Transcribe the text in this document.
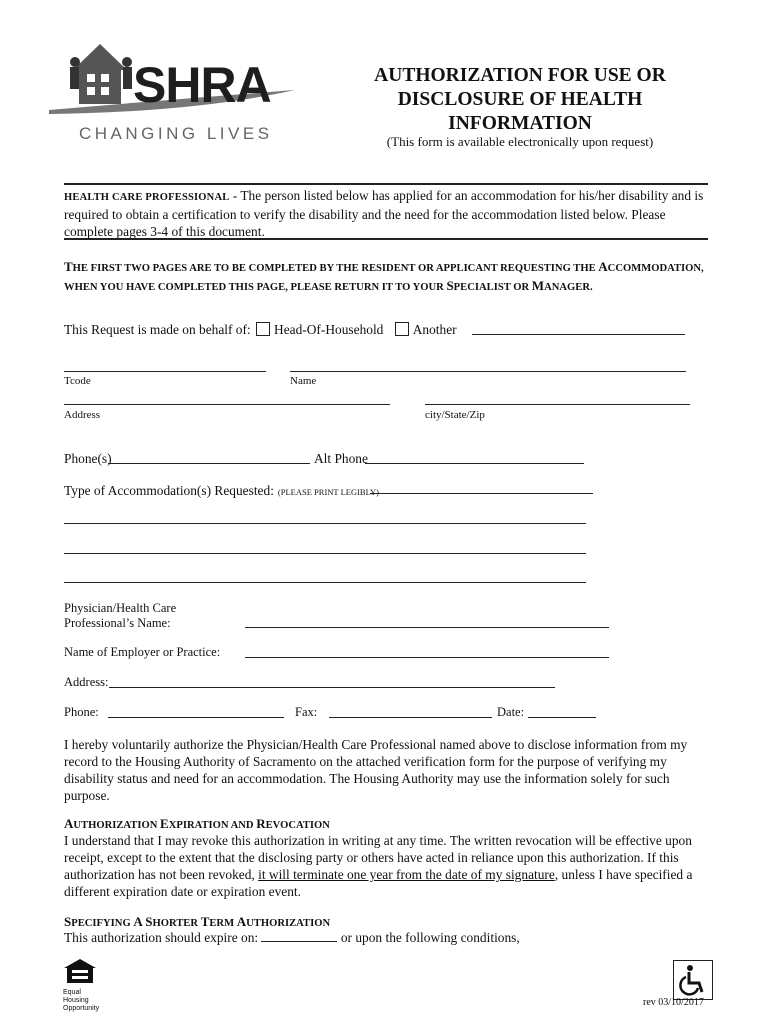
SHRA
CHANGING LIVES
AUTHORIZATION FOR USE OR
DISCLOSURE OF HEALTH
INFORMATION
(This form is available electronically upon request)
HEALTH CARE PROFESSIONAL - The person listed below has applied for an accommodation for his/her disability and is required to obtain a certification to verify the disability and the need for the accommodation listed below. Please complete pages 3-4 of this document.
THE FIRST TWO PAGES ARE TO BE COMPLETED BY THE RESIDENT OR APPLICANT REQUESTING THE ACCOMMODATION, WHEN YOU HAVE COMPLETED THIS PAGE, PLEASE RETURN IT TO YOUR SPECIALIST OR MANAGER.
This Request is made on behalf of: Head-Of-Household Another
Tcode	Name
Address	city/State/Zip
Phone(s)	Alt Phone
Type of Accommodation(s) Requested: (PLEASE PRINT LEGIBLY)
Physician/Health Care
Professional’s Name:
Name of Employer or Practice:
Address:
Phone:	Fax:	Date:
I hereby voluntarily authorize the Physician/Health Care Professional named above to disclose information from my record to the Housing Authority of Sacramento on the attached verification form for the purpose of verifying my disability status and need for an accommodation. The Housing Authority may use the information solely for such purpose.
AUTHORIZATION EXPIRATION AND REVOCATION
I understand that I may revoke this authorization in writing at any time. The written revocation will be effective upon receipt, except to the extent that the disclosing party or others have acted in reliance upon this authorization. If this authorization has not been revoked, it will terminate one year from the date of my signature, unless I have specified a different expiration date or expiration event.
SPECIFYING A SHORTER TERM AUTHORIZATION
This authorization should expire on:	or upon the following conditions,
Equal Housing
Opportunity
rev 03/10/2017
